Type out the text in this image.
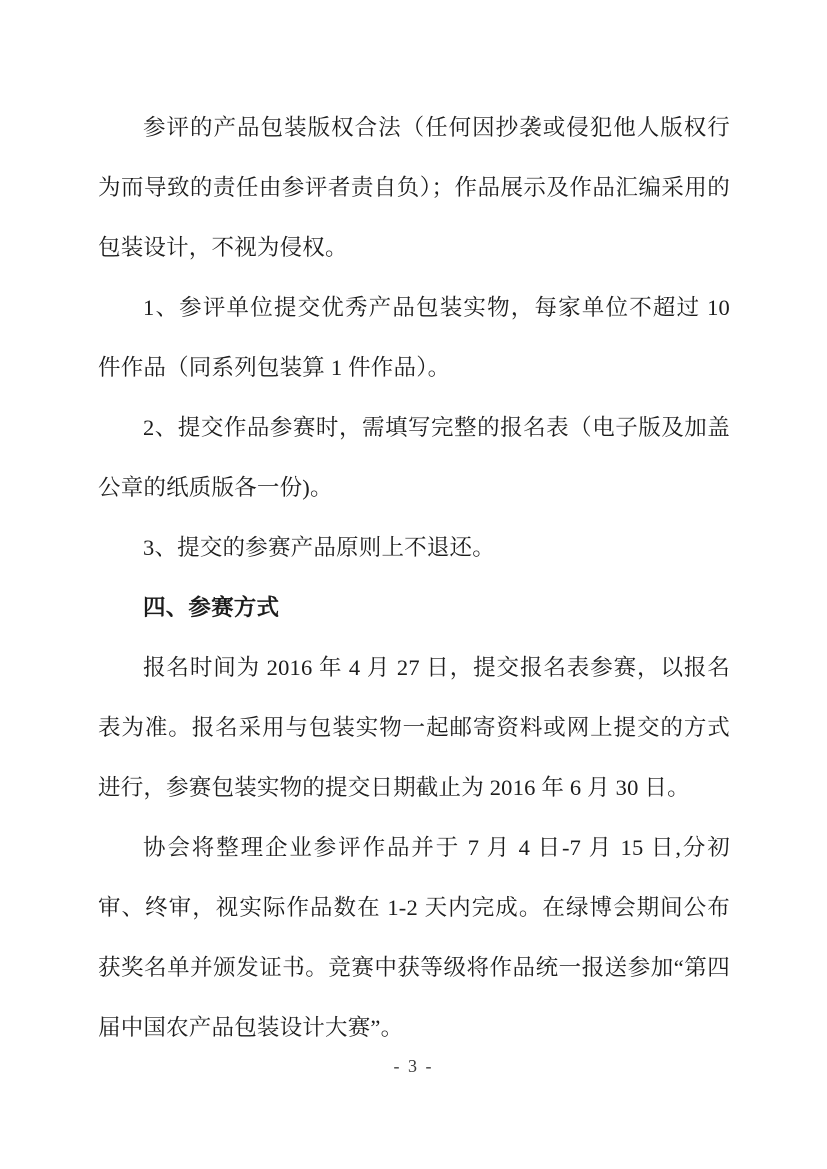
参评的产品包装版权合法（任何因抄袭或侵犯他人版权行为而导致的责任由参评者责自负）；作品展示及作品汇编采用的包装设计，不视为侵权。

1、参评单位提交优秀产品包装实物，每家单位不超过 10 件作品（同系列包装算 1 件作品）。

2、提交作品参赛时，需填写完整的报名表（电子版及加盖公章的纸质版各一份)。

3、提交的参赛产品原则上不退还。

四、参赛方式

报名时间为 2016 年 4 月 27 日，提交报名表参赛，以报名表为准。报名采用与包装实物一起邮寄资料或网上提交的方式进行，参赛包装实物的提交日期截止为 2016 年 6 月 30 日。

协会将整理企业参评作品并于 7 月 4 日-7 月 15 日,分初审、终审，视实际作品数在 1-2 天内完成。在绿博会期间公布获奖名单并颁发证书。竞赛中获等级将作品统一报送参加“第四届中国农产品包装设计大赛”。

- 3 -
